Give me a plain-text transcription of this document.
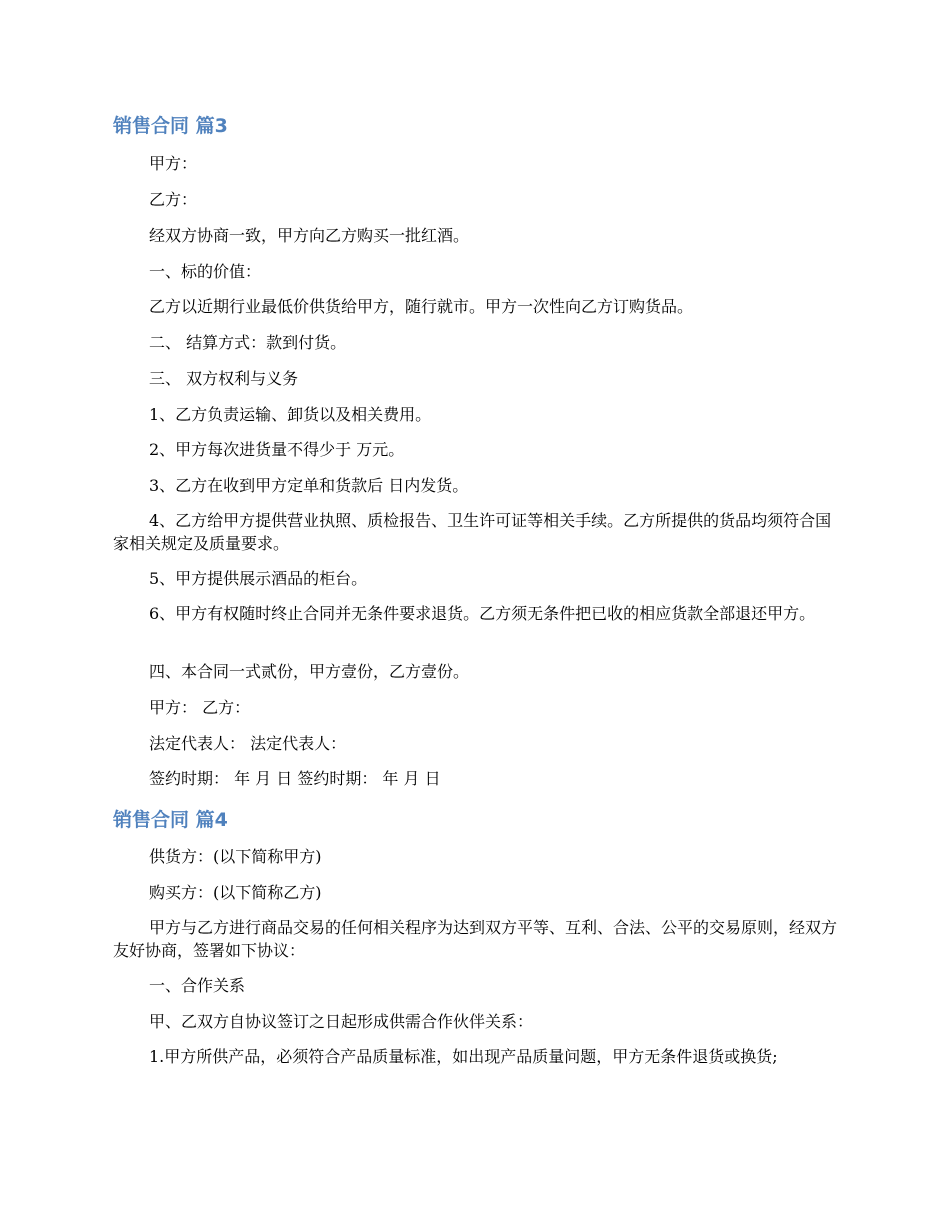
销售合同 篇3
甲方：
乙方：
经双方协商一致，甲方向乙方购买一批红酒。
一、标的价值：
乙方以近期行业最低价供货给甲方，随行就市。甲方一次性向乙方订购货品。
二、 结算方式：款到付货。
三、 双方权利与义务
1、乙方负责运输、卸货以及相关费用。
2、甲方每次进货量不得少于 万元。
3、乙方在收到甲方定单和货款后 日内发货。
4、乙方给甲方提供营业执照、质检报告、卫生许可证等相关手续。乙方所提供的货品均须符合国家相关规定及质量要求。
5、甲方提供展示酒品的柜台。
6、甲方有权随时终止合同并无条件要求退货。乙方须无条件把已收的相应货款全部退还甲方。
四、本合同一式贰份，甲方壹份，乙方壹份。
甲方： 乙方：
法定代表人： 法定代表人：
签约时期： 年 月 日 签约时期： 年 月 日
销售合同 篇4
供货方：(以下简称甲方)
购买方：(以下简称乙方)
甲方与乙方进行商品交易的任何相关程序为达到双方平等、互利、合法、公平的交易原则，经双方友好协商，签署如下协议：
一、合作关系
甲、乙双方自协议签订之日起形成供需合作伙伴关系：
1.甲方所供产品，必须符合产品质量标准，如出现产品质量问题，甲方无条件退货或换货;
